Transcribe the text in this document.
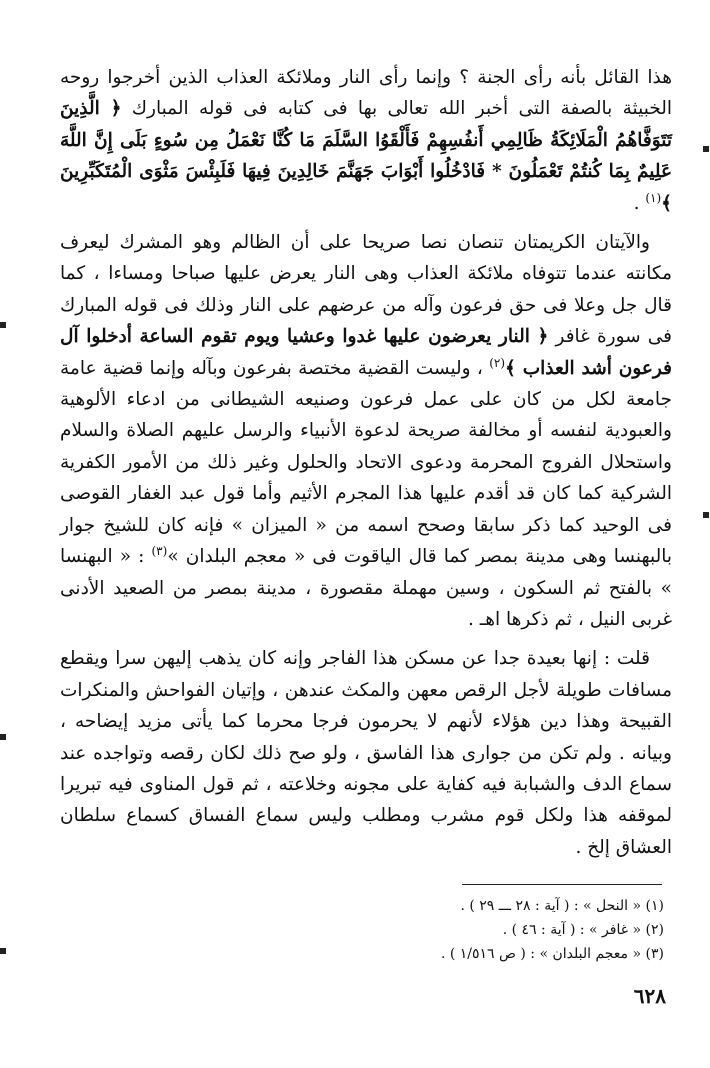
هذا القائل بأنه رأى الجنة ؟ وإنما رأى النار وملائكة العذاب الذين أخرجوا روحه الخبيثة بالصفة التى أخبر الله تعالى بها فى كتابه فى قوله المبارك ﴿ الَّذِينَ تَتَوَفَّاهُمُ الْمَلَائِكَةُ ظَالِمِي أَنفُسِهِمْ فَأَلْقَوُا السَّلَمَ مَا كُنَّا نَعْمَلُ مِن سُوءٍ بَلَى إِنَّ اللَّهَ عَلِيمٌ بِمَا كُنتُمْ تَعْمَلُونَ * فَادْخُلُوا أَبْوَابَ جَهَنَّمَ خَالِدِينَ فِيهَا فَلَبِئْسَ مَثْوَى الْمُتَكَبِّرِينَ ﴾$^{(١)}$ .

والآيتان الكريمتان تنصان نصا صريحا على أن الظالم وهو المشرك ليعرف مكانته عندما تتوفاه ملائكة العذاب وهى النار يعرض عليها صباحا ومساءا ، كما قال جل وعلا فى حق فرعون وآله من عرضهم على النار وذلك فى قوله المبارك فى سورة غافر ﴿ النار يعرضون عليها غدوا وعشيا ويوم تقوم الساعة أدخلوا آل فرعون أشد العذاب ﴾$^{(٢)}$ ، وليست القضية مختصة بفرعون وبآله وإنما قضية عامة جامعة لكل من كان على عمل فرعون وصنيعه الشيطانى من ادعاء الألوهية والعبودية لنفسه أو مخالفة صريحة لدعوة الأنبياء والرسل عليهم الصلاة والسلام واستحلال الفروج المحرمة ودعوى الاتحاد والحلول وغير ذلك من الأمور الكفرية الشركية كما كان قد أقدم عليها هذا المجرم الأثيم وأما قول عبد الغفار القوصى فى الوحيد كما ذكر سابقا وصحح اسمه من « الميزان » فإنه كان للشيخ جوار بالبهنسا وهى مدينة بمصر كما قال الياقوت فى « معجم البلدان »$^{(٣)}$ : « البهنسا » بالفتح ثم السكون ، وسين مهملة مقصورة ، مدينة بمصر من الصعيد الأدنى غربى النيل ، ثم ذكرها اهـ .

قلت : إنها بعيدة جدا عن مسكن هذا الفاجر وإنه كان يذهب إليهن سرا ويقطع مسافات طويلة لأجل الرقص معهن والمكث عندهن ، وإتيان الفواحش والمنكرات القبيحة وهذا دين هؤلاء لأنهم لا يحرمون فرجا محرما كما يأتى مزيد إيضاحه ، وبيانه . ولم تكن من جوارى هذا الفاسق ، ولو صح ذلك لكان رقصه وتواجده عند سماع الدف والشبابة فيه كفاية على مجونه وخلاعته ، ثم قول المناوى فيه تبريرا لموقفه هذا ولكل قوم مشرب ومطلب وليس سماع الفساق كسماع سلطان العشاق إلخ .

(١) « النحل » : ( آية : ٢٨ ـــ ٢٩ ) .

(٢) « غافر » : ( آية : ٤٦ ) .

(٣) « معجم البلدان » : ( ص ١/٥١٦ ) .

٦٢٨
